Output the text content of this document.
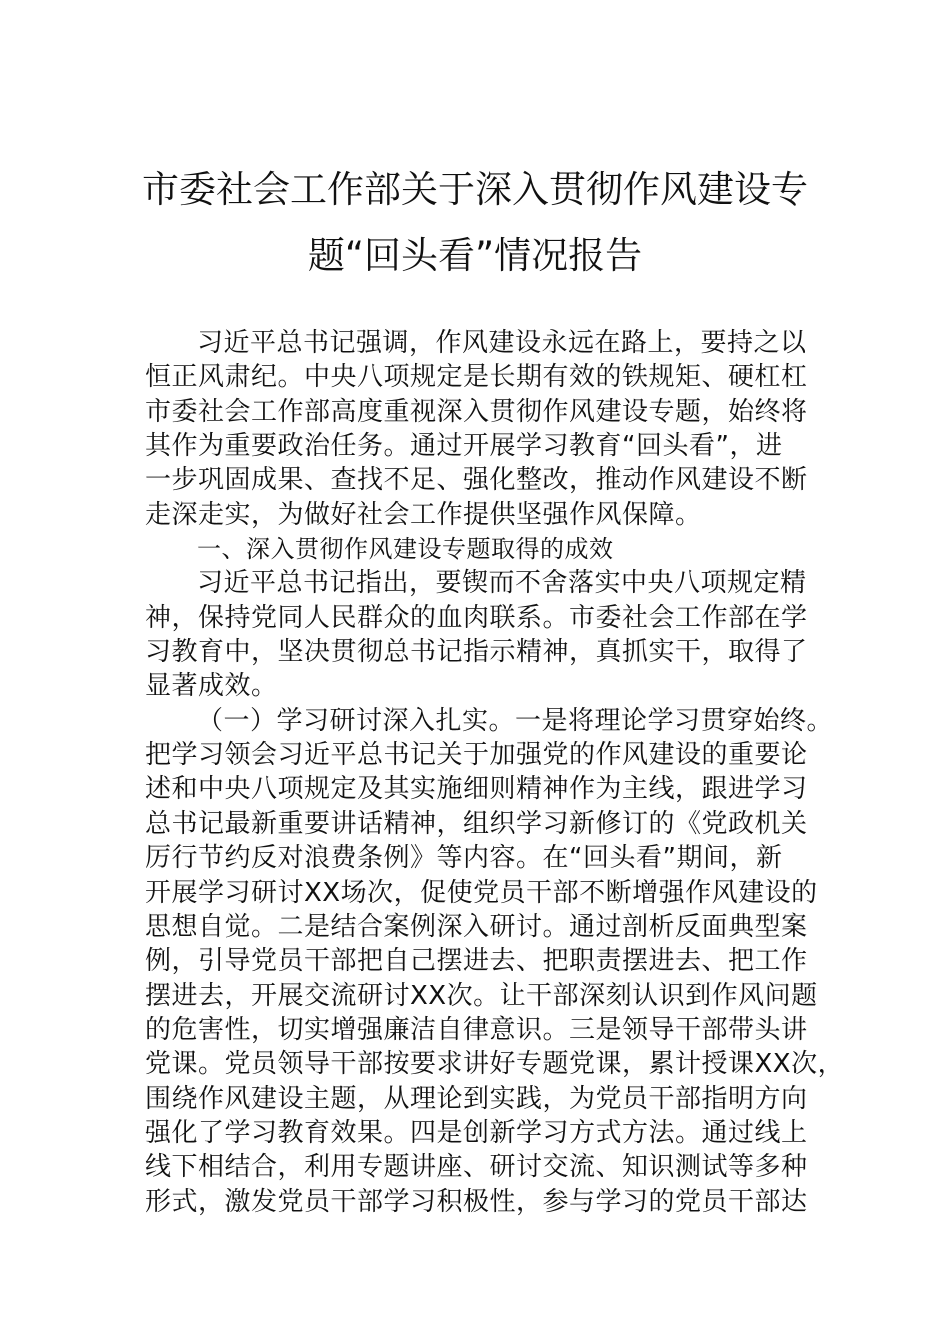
市委社会工作部关于深入贯彻作风建设专
题“回头看”情况报告
习近平总书记强调，作风建设永远在路上，要持之以
恒正风肃纪。中央八项规定是长期有效的铁规矩、硬杠杠
市委社会工作部高度重视深入贯彻作风建设专题，始终将
其作为重要政治任务。通过开展学习教育“回头看”，进
一步巩固成果、查找不足、强化整改，推动作风建设不断
走深走实，为做好社会工作提供坚强作风保障。
一、深入贯彻作风建设专题取得的成效
习近平总书记指出，要锲而不舍落实中央八项规定精
神，保持党同人民群众的血肉联系。市委社会工作部在学
习教育中，坚决贯彻总书记指示精神，真抓实干，取得了
显著成效。
（一）学习研讨深入扎实。一是将理论学习贯穿始终。
把学习领会习近平总书记关于加强党的作风建设的重要论
述和中央八项规定及其实施细则精神作为主线，跟进学习
总书记最新重要讲话精神，组织学习新修订的《党政机关
厉行节约反对浪费条例》等内容。在“回头看”期间，新
开展学习研讨XX场次，促使党员干部不断增强作风建设的
思想自觉。二是结合案例深入研讨。通过剖析反面典型案
例，引导党员干部把自己摆进去、把职责摆进去、把工作
摆进去，开展交流研讨XX次。让干部深刻认识到作风问题
的危害性，切实增强廉洁自律意识。三是领导干部带头讲
党课。党员领导干部按要求讲好专题党课，累计授课XX次，
围绕作风建设主题，从理论到实践，为党员干部指明方向
强化了学习教育效果。四是创新学习方式方法。通过线上
线下相结合，利用专题讲座、研讨交流、知识测试等多种
形式，激发党员干部学习积极性，参与学习的党员干部达
